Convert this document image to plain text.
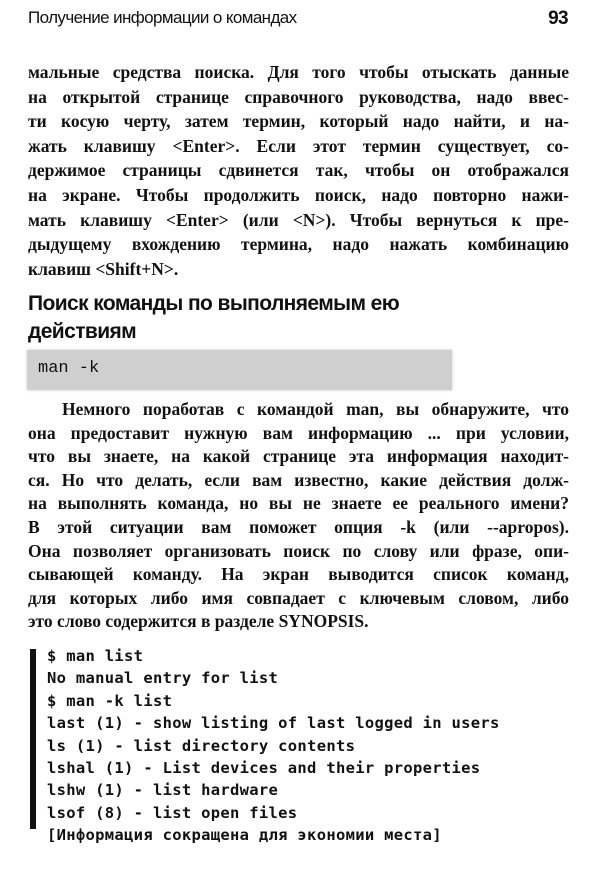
Получение информации о командах	93
мальные средства поиска. Для того чтобы отыскать данные
на открытой странице справочного руководства, надо ввес-
ти косую черту, затем термин, который надо найти, и на-
жать клавишу <Enter>. Если этот термин существует, со-
держимое страницы сдвинется так, чтобы он отображался
на экране. Чтобы продолжить поиск, надо повторно нажи-
мать клавишу <Enter> (или <N>). Чтобы вернуться к пре-
дыдущему вхождению термина, надо нажать комбинацию
клавиш <Shift+N>.
Поиск команды по выполняемым ею
действиям
man -k
Немного поработав с командой man, вы обнаружите, что
она предоставит нужную вам информацию ... при условии,
что вы знаете, на какой странице эта информация находит-
ся. Но что делать, если вам известно, какие действия долж-
на выполнять команда, но вы не знаете ее реального имени?
В этой ситуации вам поможет опция -k (или --apropos).
Она позволяет организовать поиск по слову или фразе, опи-
сывающей команду. На экран выводится список команд,
для которых либо имя совпадает с ключевым словом, либо
это слово содержится в разделе SYNOPSIS.
$ man list
No manual entry for list
$ man -k list
last (1) - show listing of last logged in users
ls (1) - list directory contents
lshal (1) - List devices and their properties
lshw (1) - list hardware
lsof (8) - list open files
[Информация сокращена для экономии места]
